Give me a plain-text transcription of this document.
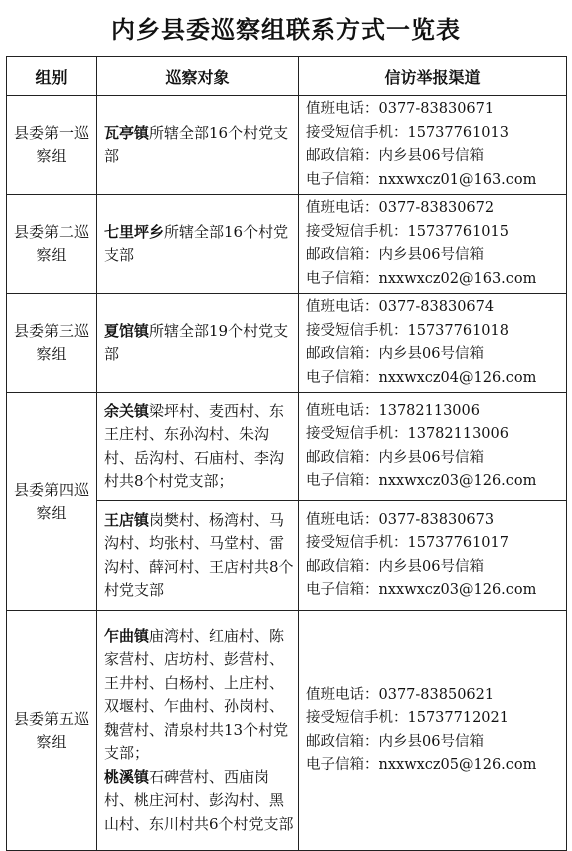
内乡县委巡察组联系方式一览表
组别	巡察对象	信访举报渠道
县委第一巡察组	瓦亭镇所辖全部16个村党支部	值班电话：0377-83830671
接受短信手机：15737761013
邮政信箱：内乡县06号信箱
电子信箱：nxxwxcz01@163.com

县委第二巡察组	七里坪乡所辖全部16个村党支部	值班电话：0377-83830672
接受短信手机：15737761015
邮政信箱：内乡县06号信箱
电子信箱：nxxwxcz02@163.com

县委第三巡察组	夏馆镇所辖全部19个村党支部	值班电话：0377-83830674
接受短信手机：15737761018
邮政信箱：内乡县06号信箱
电子信箱：nxxwxcz04@126.com

县委第四巡察组	余关镇梁坪村、麦西村、东王庄村、东孙沟村、朱沟村、岳沟村、石庙村、李沟村共8个村党支部；	值班电话：13782113006
接受短信手机：13782113006
邮政信箱：内乡县06号信箱
电子信箱：nxxwxcz03@126.com

	王店镇岗樊村、杨湾村、马沟村、均张村、马堂村、雷沟村、薛河村、王店村共8个村党支部	值班电话：0377-83830673
接受短信手机：15737761017
邮政信箱：内乡县06号信箱
电子信箱：nxxwxcz03@126.com

县委第五巡察组	乍曲镇庙湾村、红庙村、陈家营村、店坊村、彭营村、王井村、白杨村、上庄村、双堰村、乍曲村、孙岗村、魏营村、清泉村共13个村党支部；
桃溪镇石碑营村、西庙岗村、桃庄河村、彭沟村、黑山村、东川村共6个村党支部	值班电话：0377-83850621
接受短信手机：15737712021
邮政信箱：内乡县06号信箱
电子信箱：nxxwxcz05@126.com
